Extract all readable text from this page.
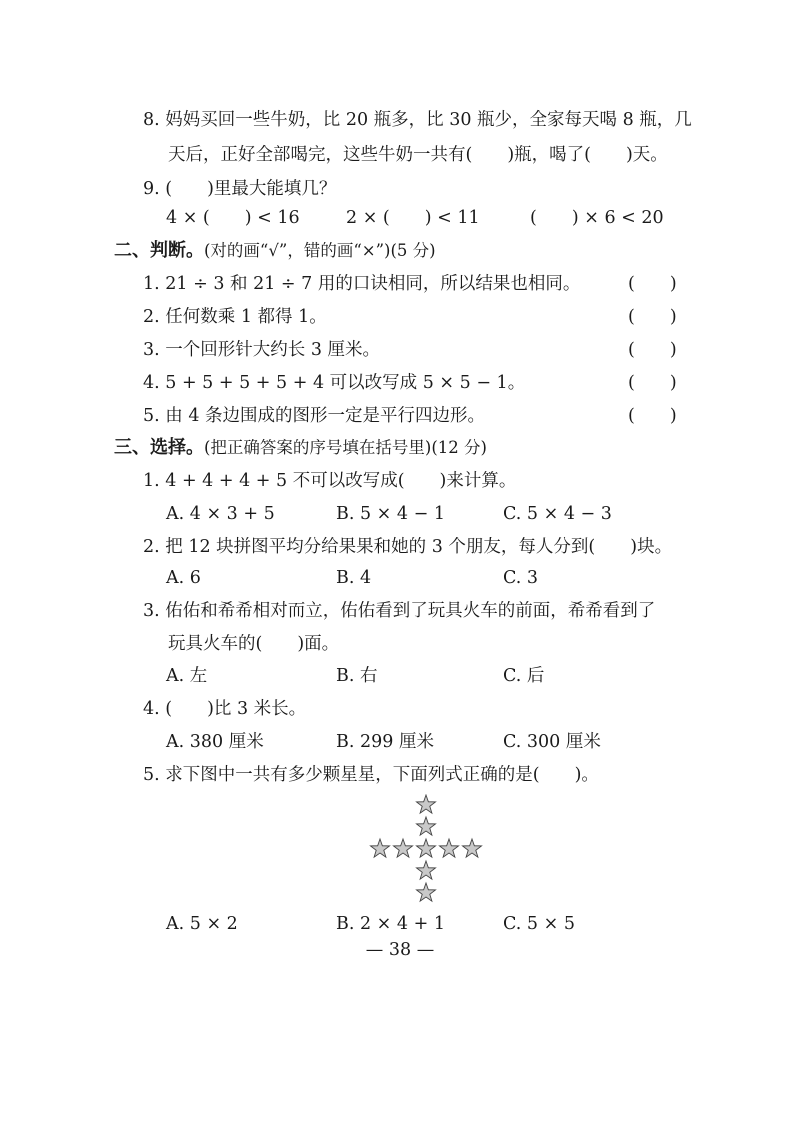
8. 妈妈买回一些牛奶，比 20 瓶多，比 30 瓶少，全家每天喝 8 瓶，几
天后，正好全部喝完，这些牛奶一共有(　　)瓶，喝了(　　)天。
9. (　　)里最大能填几？
4 × (　　) < 16	2 × (　　) < 11	(　　) × 6 < 20
二、判断。(对的画“√”，错的画“×”)(5 分)
1. 21 ÷ 3 和 21 ÷ 7 用的口诀相同，所以结果也相同。	(　　)
2. 任何数乘 1 都得 1。	(　　)
3. 一个回形针大约长 3 厘米。	(　　)
4. 5 + 5 + 5 + 5 + 4 可以改写成 5 × 5 − 1。	(　　)
5. 由 4 条边围成的图形一定是平行四边形。	(　　)
三、选择。(把正确答案的序号填在括号里)(12 分)
1. 4 + 4 + 4 + 5 不可以改写成(　　)来计算。
A. 4 × 3 + 5	B. 5 × 4 − 1	C. 5 × 4 − 3
2. 把 12 块拼图平均分给果果和她的 3 个朋友，每人分到(　　)块。
A. 6	B. 4	C. 3
3. 佑佑和希希相对而立，佑佑看到了玩具火车的前面，希希看到了
玩具火车的(　　)面。
A. 左	B. 右	C. 后
4. (　　)比 3 米长。
A. 380 厘米	B. 299 厘米	C. 300 厘米
5. 求下图中一共有多少颗星星，下面列式正确的是(　　)。
A. 5 × 2	B. 2 × 4 + 1	C. 5 × 5
— 38 —
